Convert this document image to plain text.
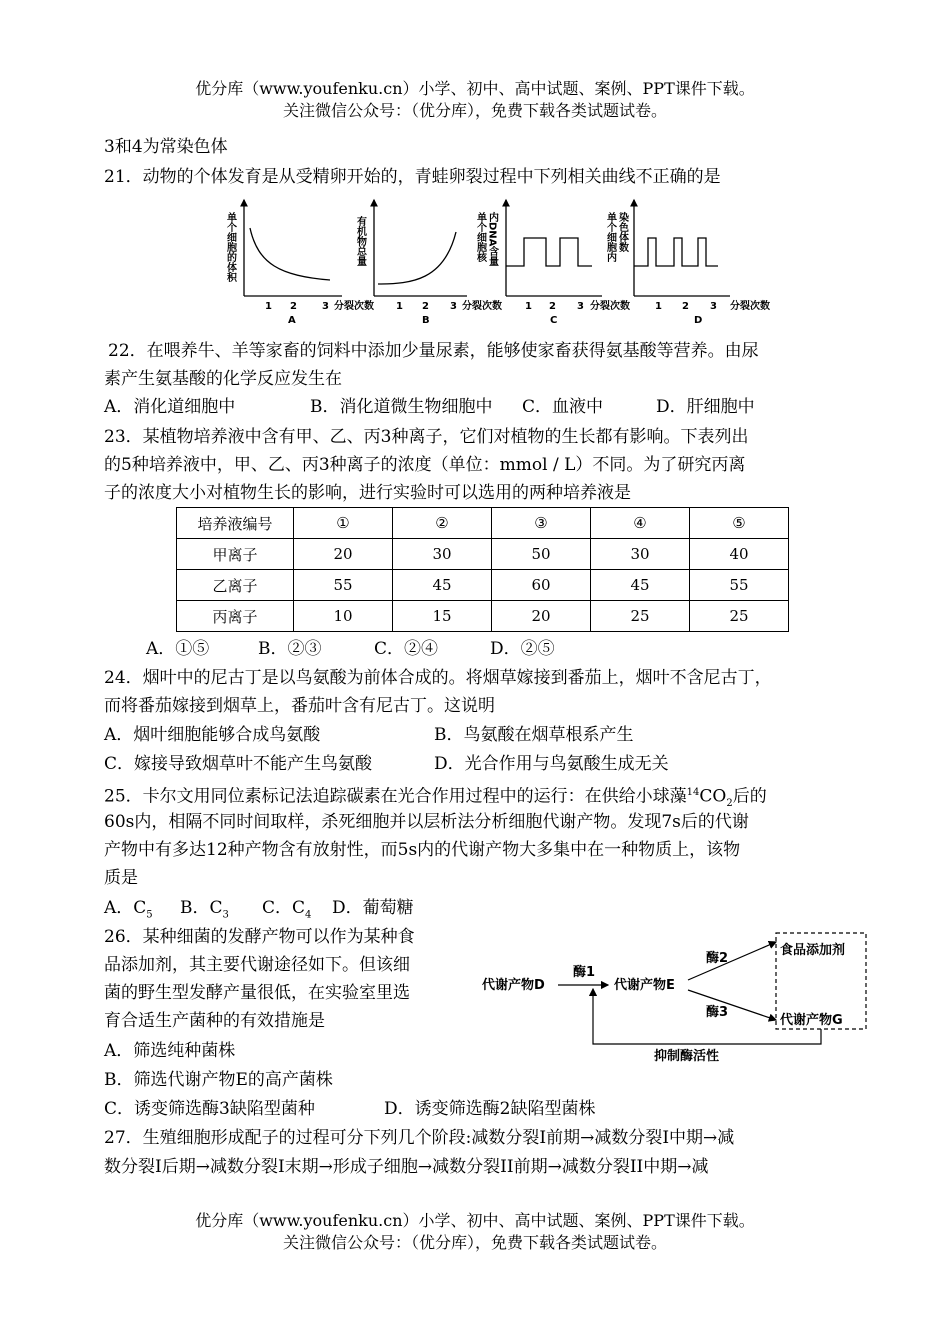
优分库（www.youfenku.cn）小学、初中、高中试题、案例、PPT课件下载。
关注微信公众号：（优分库），免费下载各类试题试卷。
3和4为常染色体
21．动物的个体发育是从受精卵开始的，青蛙卵裂过程中下列相关曲线不正确的是
单个细胞的体积
1 2	3 分裂次数
A
有机物总量
1 2 3 分裂次数
B
单个细胞核 内DNA含量
1 2 3 分裂次数
C
单个细胞内 染色体数
1 2 3 分裂次数
D
22．在喂养牛、羊等家畜的饲料中添加少量尿素，能够使家畜获得氨基酸等营养。由尿
素产生氨基酸的化学反应发生在
A．消化道细胞中	B．消化道微生物细胞中 C．血液中	D．肝细胞中
23．某植物培养液中含有甲、乙、丙3种离子，它们对植物的生长都有影响。下表列出
的5种培养液中，甲、乙、丙3种离子的浓度（单位：mmol / L）不同。为了研究丙离
子的浓度大小对植物生长的影响，进行实验时可以选用的两种培养液是
培养液编号	①	②	③	④	⑤
甲离子	20	30	50	30	40
乙离子	55	45	60	45	55
丙离子	10	15	20	25	25
A．①⑤	B．②③	C．②④	D．②⑤
24．烟叶中的尼古丁是以鸟氨酸为前体合成的。将烟草嫁接到番茄上，烟叶不含尼古丁，
而将番茄嫁接到烟草上，番茄叶含有尼古丁。这说明
A．烟叶细胞能够合成鸟氨酸	B．鸟氨酸在烟草根系产生
C．嫁接导致烟草叶不能产生鸟氨酸	D．光合作用与鸟氨酸生成无关
25．卡尔文用同位素标记法追踪碳素在光合作用过程中的运行：在供给小球藻$^{14}CO_2$后的
60s内，相隔不同时间取样，杀死细胞并以层析法分析细胞代谢产物。发现7s后的代谢
产物中有多达12种产物含有放射性，而5s内的代谢产物大多集中在一种物质上，该物
质是
A．$C_5$ B．$C_3$ C．$C_4$ D．葡萄糖
26．某种细菌的发酵产物可以作为某种食
品添加剂，其主要代谢途径如下。但该细
菌的野生型发酵产量很低，在实验室里选
育合适生产菌种的有效措施是
代谢产物D
酶1
代谢产物E
酶2
酶3
食品添加剂
代谢产物G
抑制酶活性
A．筛选纯种菌株
B．筛选代谢产物E的高产菌株
C．诱变筛选酶3缺陷型菌种	D．诱变筛选酶2缺陷型菌株
27．生殖细胞形成配子的过程可分下列几个阶段:减数分裂I前期→减数分裂I中期→减
数分裂I后期→减数分裂I末期→形成子细胞→减数分裂II前期→减数分裂II中期→减
优分库（www.youfenku.cn）小学、初中、高中试题、案例、PPT课件下载。
关注微信公众号：（优分库），免费下载各类试题试卷。
